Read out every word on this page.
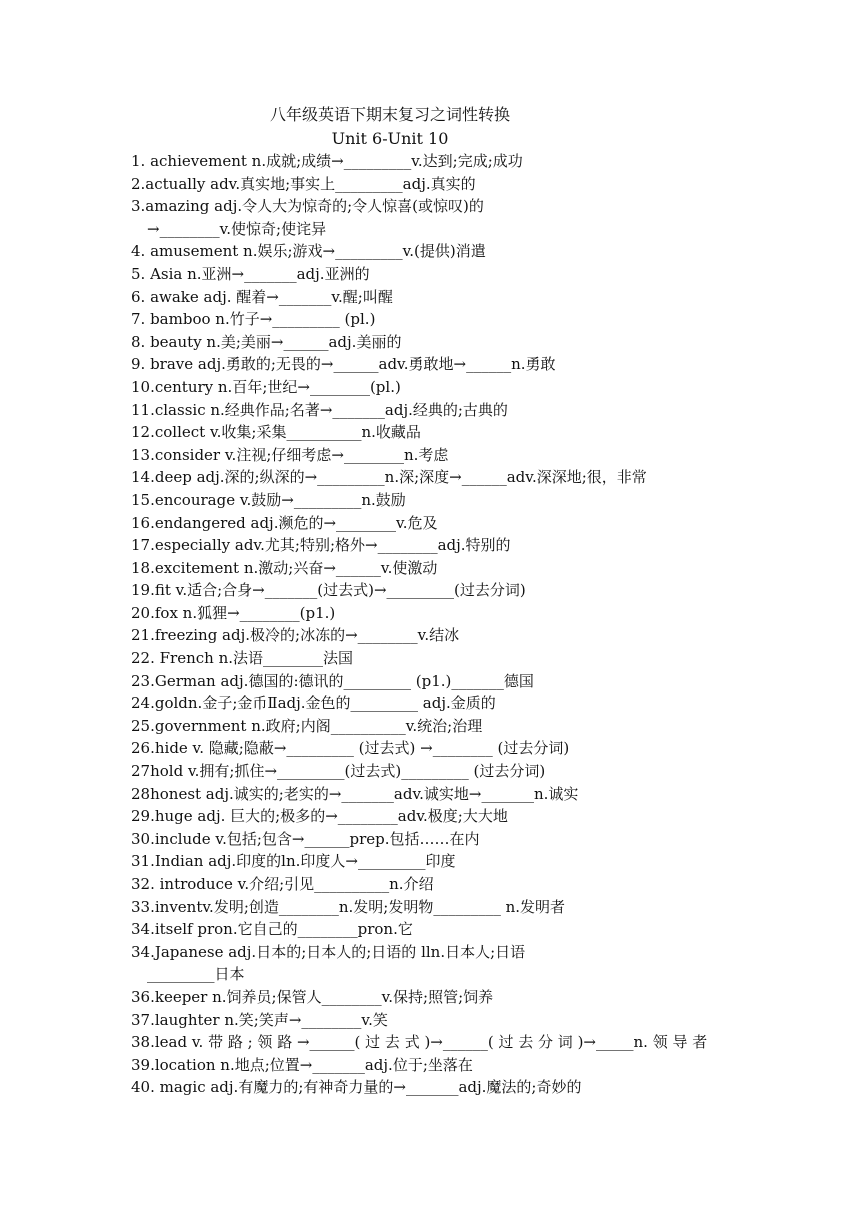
八年级英语下期末复习之词性转换
Unit 6-Unit 10
1. achievement n.成就;成绩→_________v.达到;完成;成功
2.actually adv.真实地;事实上_________adj.真实的
3.amazing adj.令人大为惊奇的;令人惊喜(或惊叹)的
→________v.使惊奇;使诧异
4. amusement n.娱乐;游戏→_________v.(提供)消遣
5. Asia n.亚洲→_______adj.亚洲的
6. awake adj. 醒着→_______v.醒;叫醒
7. bamboo n.竹子→_________ (pl.)
8. beauty n.美;美丽→______adj.美丽的
9. brave adj.勇敢的;无畏的→______adv.勇敢地→______n.勇敢
10.century n.百年;世纪→________(pl.)
11.classic n.经典作品;名著→_______adj.经典的;古典的
12.collect v.收集;采集__________n.收藏品
13.consider v.注视;仔细考虑→________n.考虑
14.deep adj.深的;纵深的→_________n.深;深度→______adv.深深地;很，非常
15.encourage v.鼓励→_________n.鼓励
16.endangered adj.濒危的→________v.危及
17.especially adv.尤其;特别;格外→________adj.特别的
18.excitement n.激动;兴奋→______v.使激动
19.fit v.适合;合身→_______(过去式)→_________(过去分词)
20.fox n.狐狸→________(p1.)
21.freezing adj.极冷的;冰冻的→________v.结冰
22. French n.法语________法国
23.German adj.德国的:德讯的_________ (p1.)_______德国
24.goldn.金子;金币Ⅱadj.金色的_________ adj.金质的
25.government n.政府;内阁__________v.统治;治理
26.hide v. 隐藏;隐蔽→_________ (过去式) →________ (过去分词)
27hold v.拥有;抓住→_________(过去式)_________ (过去分词)
28honest adj.诚实的;老实的→_______adv.诚实地→_______n.诚实
29.huge adj. 巨大的;极多的→________adv.极度;大大地
30.include v.包括;包含→______prep.包括……在内
31.Indian adj.印度的ln.印度人→_________印度
32. introduce v.介绍;引见__________n.介绍
33.inventv.发明;创造________n.发明;发明物_________ n.发明者
34.itself pron.它自己的________pron.它
34.Japanese adj.日本的;日本人的;日语的 lln.日本人;日语
_________日本
36.keeper n.饲养员;保管人________v.保持;照管;饲养
37.laughter n.笑;笑声→________v.笑
38.lead v. 带 路 ; 领 路 →______( 过 去 式 )→______( 过 去 分 词 )→_____n. 领 导 者
39.location n.地点;位置→_______adj.位于;坐落在
40. magic adj.有魔力的;有神奇力量的→_______adj.魔法的;奇妙的
